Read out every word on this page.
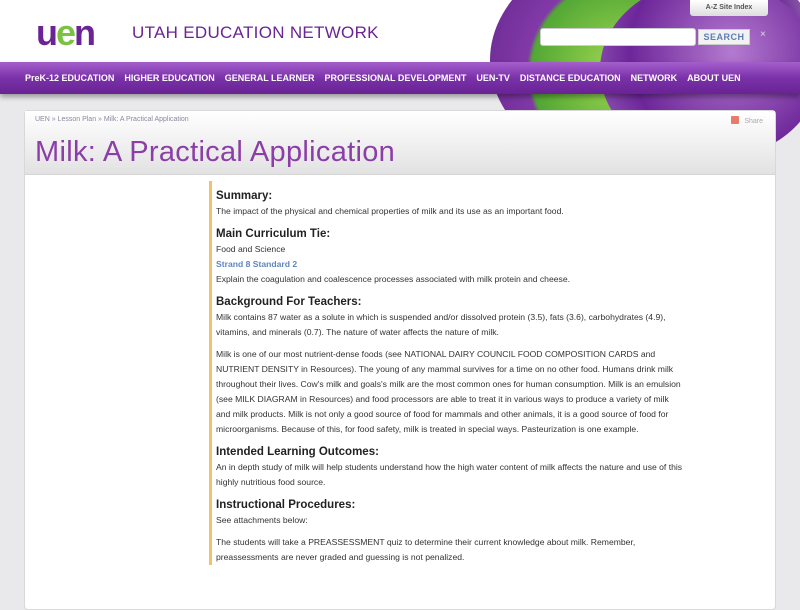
uen UTAH EDUCATION NETWORK
A-Z Site Index
SEARCH	×
PreK-12 EDUCATION HIGHER EDUCATION GENERAL LEARNER PROFESSIONAL DEVELOPMENT UEN-TV DISTANCE EDUCATION NETWORK ABOUT UEN
UEN » Lesson Plan » Milk: A Practical Application	Share
Milk: A Practical Application
Summary:

The impact of the physical and chemical properties of milk and its use as an important food.

Main Curriculum Tie:

Food and Science

Strand 8 Standard 2

Explain the coagulation and coalescence processes associated with milk protein and cheese.

Background For Teachers:

Milk contains 87 water as a solute in which is suspended and/or dissolved protein (3.5), fats (3.6), carbohydrates (4.9), vitamins, and minerals (0.7). The nature of water affects the nature of milk.

Milk is one of our most nutrient-dense foods (see NATIONAL DAIRY COUNCIL FOOD COMPOSITION CARDS and NUTRIENT DENSITY in Resources). The young of any mammal survives for a time on no other food. Humans drink milk throughout their lives. Cow's milk and goals's milk are the most common ones for human consumption. Milk is an emulsion (see MILK DIAGRAM in Resources) and food processors are able to treat it in various ways to produce a variety of milk and milk products. Milk is not only a good source of food for mammals and other animals, it is a good source of food for microorganisms. Because of this, for food safety, milk is treated in special ways. Pasteurization is one example.

Intended Learning Outcomes:

An in depth study of milk will help students understand how the high water content of milk affects the nature and use of this highly nutritious food source.

Instructional Procedures:

See attachments below:

The students will take a PREASSESSMENT quiz to determine their current knowledge about milk. Remember, preassessments are never graded and guessing is not penalized.
